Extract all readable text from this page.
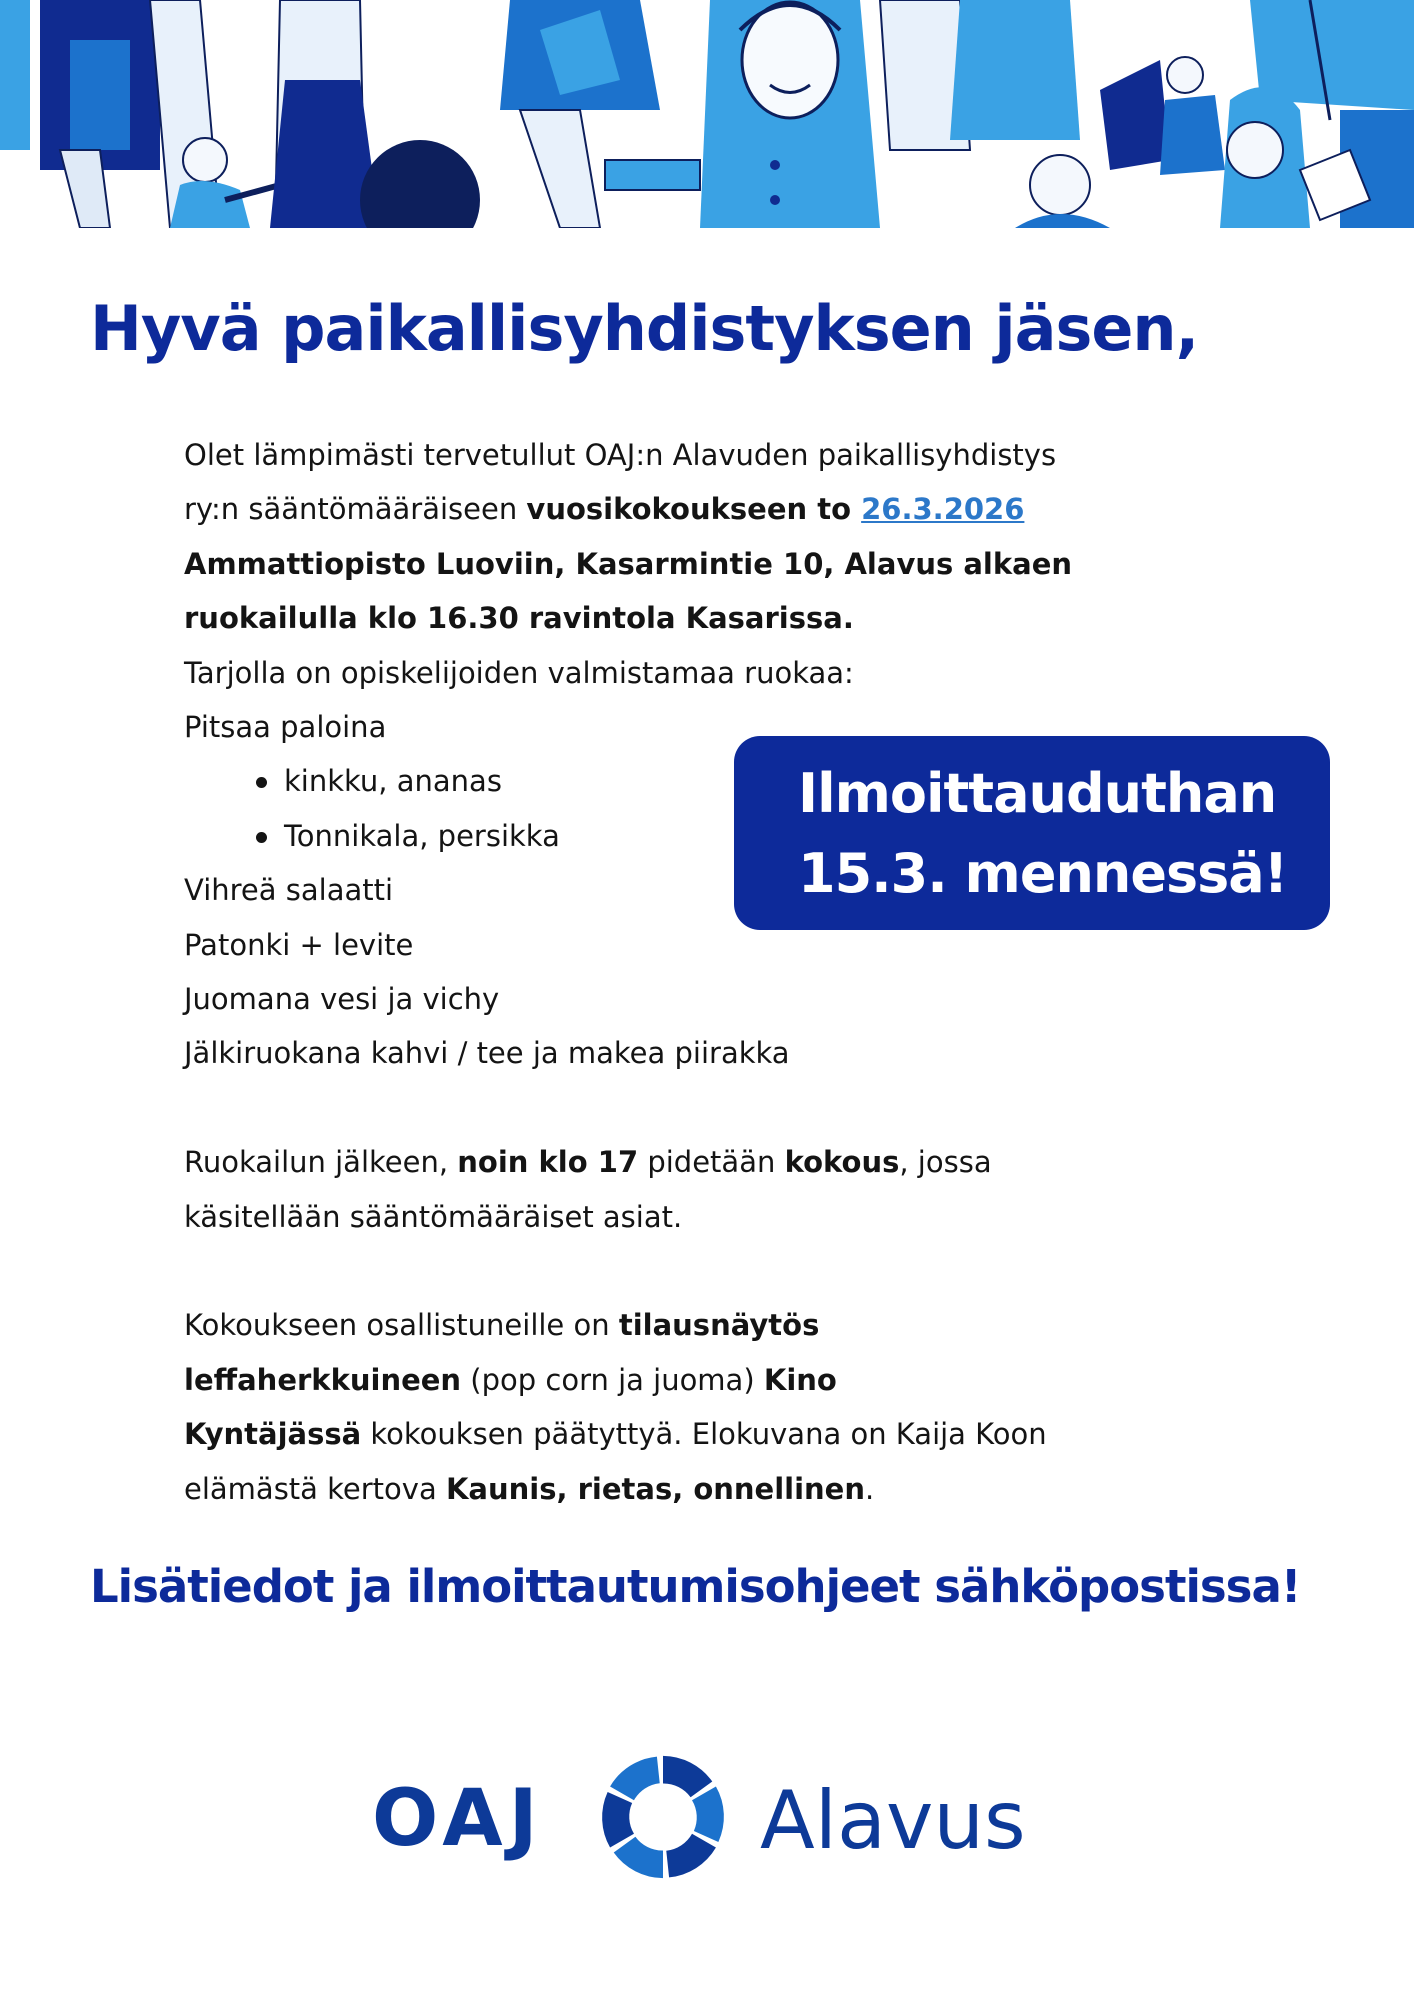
Hyvä paikallisyhdistyksen jäsen,

Olet lämpimästi tervetullut OAJ:n Alavuden paikallisyhdistys

ry:n sääntömääräiseen vuosikokoukseen to 26.3.2026

Ammattiopisto Luoviin, Kasarmintie 10, Alavus alkaen

ruokailulla klo 16.30 ravintola Kasarissa.

Tarjolla on opiskelijoiden valmistamaa ruokaa:

Pitsaa paloina

kinkku, ananas

Tonnikala, persikka

Vihreä salaatti

Patonki + levite

Juomana vesi ja vichy

Jälkiruokana kahvi / tee ja makea piirakka

Ruokailun jälkeen, noin klo 17 pidetään kokous, jossa

käsitellään sääntömääräiset asiat.

Kokoukseen osallistuneille on tilausnäytös

leffaherkkuineen (pop corn ja juoma) Kino

Kyntäjässä kokouksen päätyttyä. Elokuvana on Kaija Koon

elämästä kertova Kaunis, rietas, onnellinen.

Ilmoittauduthan
15.3. mennessä!

Lisätiedot ja ilmoittautumisohjeet sähköpostissa!

OAJ	Alavus
